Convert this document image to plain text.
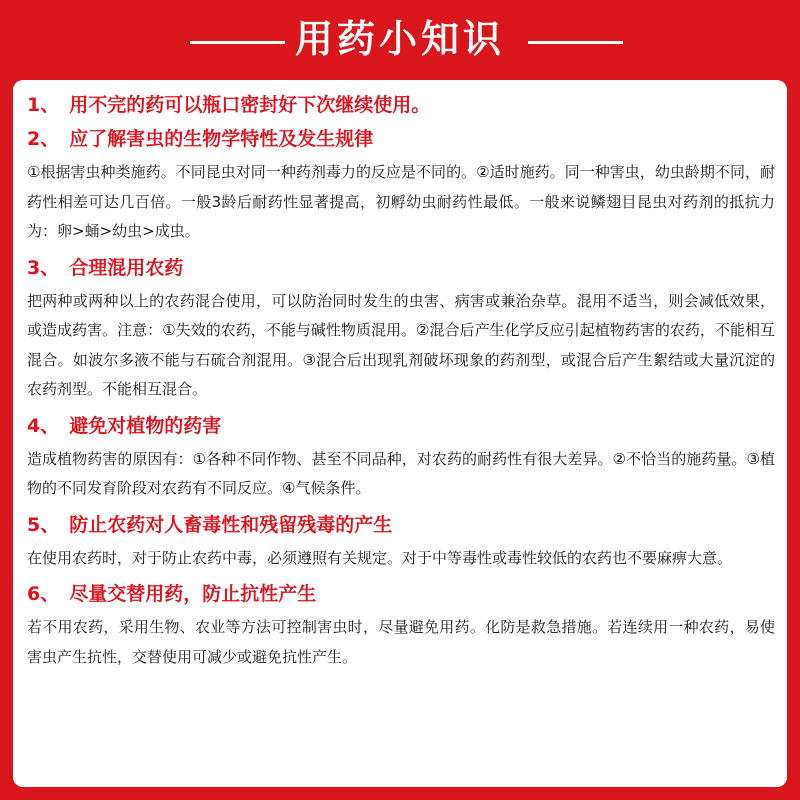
用药小知识

1、 用不完的药可以瓶口密封好下次继续使用。

2、 应了解害虫的生物学特性及发生规律

①根据害虫种类施药。不同昆虫对同一种药剂毒力的反应是不同的。②适时施药。同一种害虫，幼虫龄期不同，耐药性相差可达几百倍。一般3龄后耐药性显著提高，初孵幼虫耐药性最低。一般来说鳞翅目昆虫对药剂的抵抗力为：卵>蛹>幼虫>成虫。

3、 合理混用农药

把两种或两种以上的农药混合使用，可以防治同时发生的虫害、病害或兼治杂草。混用不适当，则会减低效果，或造成药害。注意：①失效的农药，不能与碱性物质混用。②混合后产生化学反应引起植物药害的农药，不能相互混合。如波尔多液不能与石硫合剂混用。③混合后出现乳剂破坏现象的药剂型，或混合后产生絮结或大量沉淀的农药剂型。不能相互混合。

4、 避免对植物的药害

造成植物药害的原因有：①各种不同作物、甚至不同品种，对农药的耐药性有很大差异。②不恰当的施药量。③植物的不同发育阶段对农药有不同反应。④气候条件。

5、 防止农药对人畜毒性和残留残毒的产生

在使用农药时，对于防止农药中毒，必须遵照有关规定。对于中等毒性或毒性较低的农药也不要麻痹大意。

6、 尽量交替用药，防止抗性产生

若不用农药，采用生物、农业等方法可控制害虫时，尽量避免用药。化防是救急措施。若连续用一种农药，易使害虫产生抗性，交替使用可减少或避免抗性产生。
